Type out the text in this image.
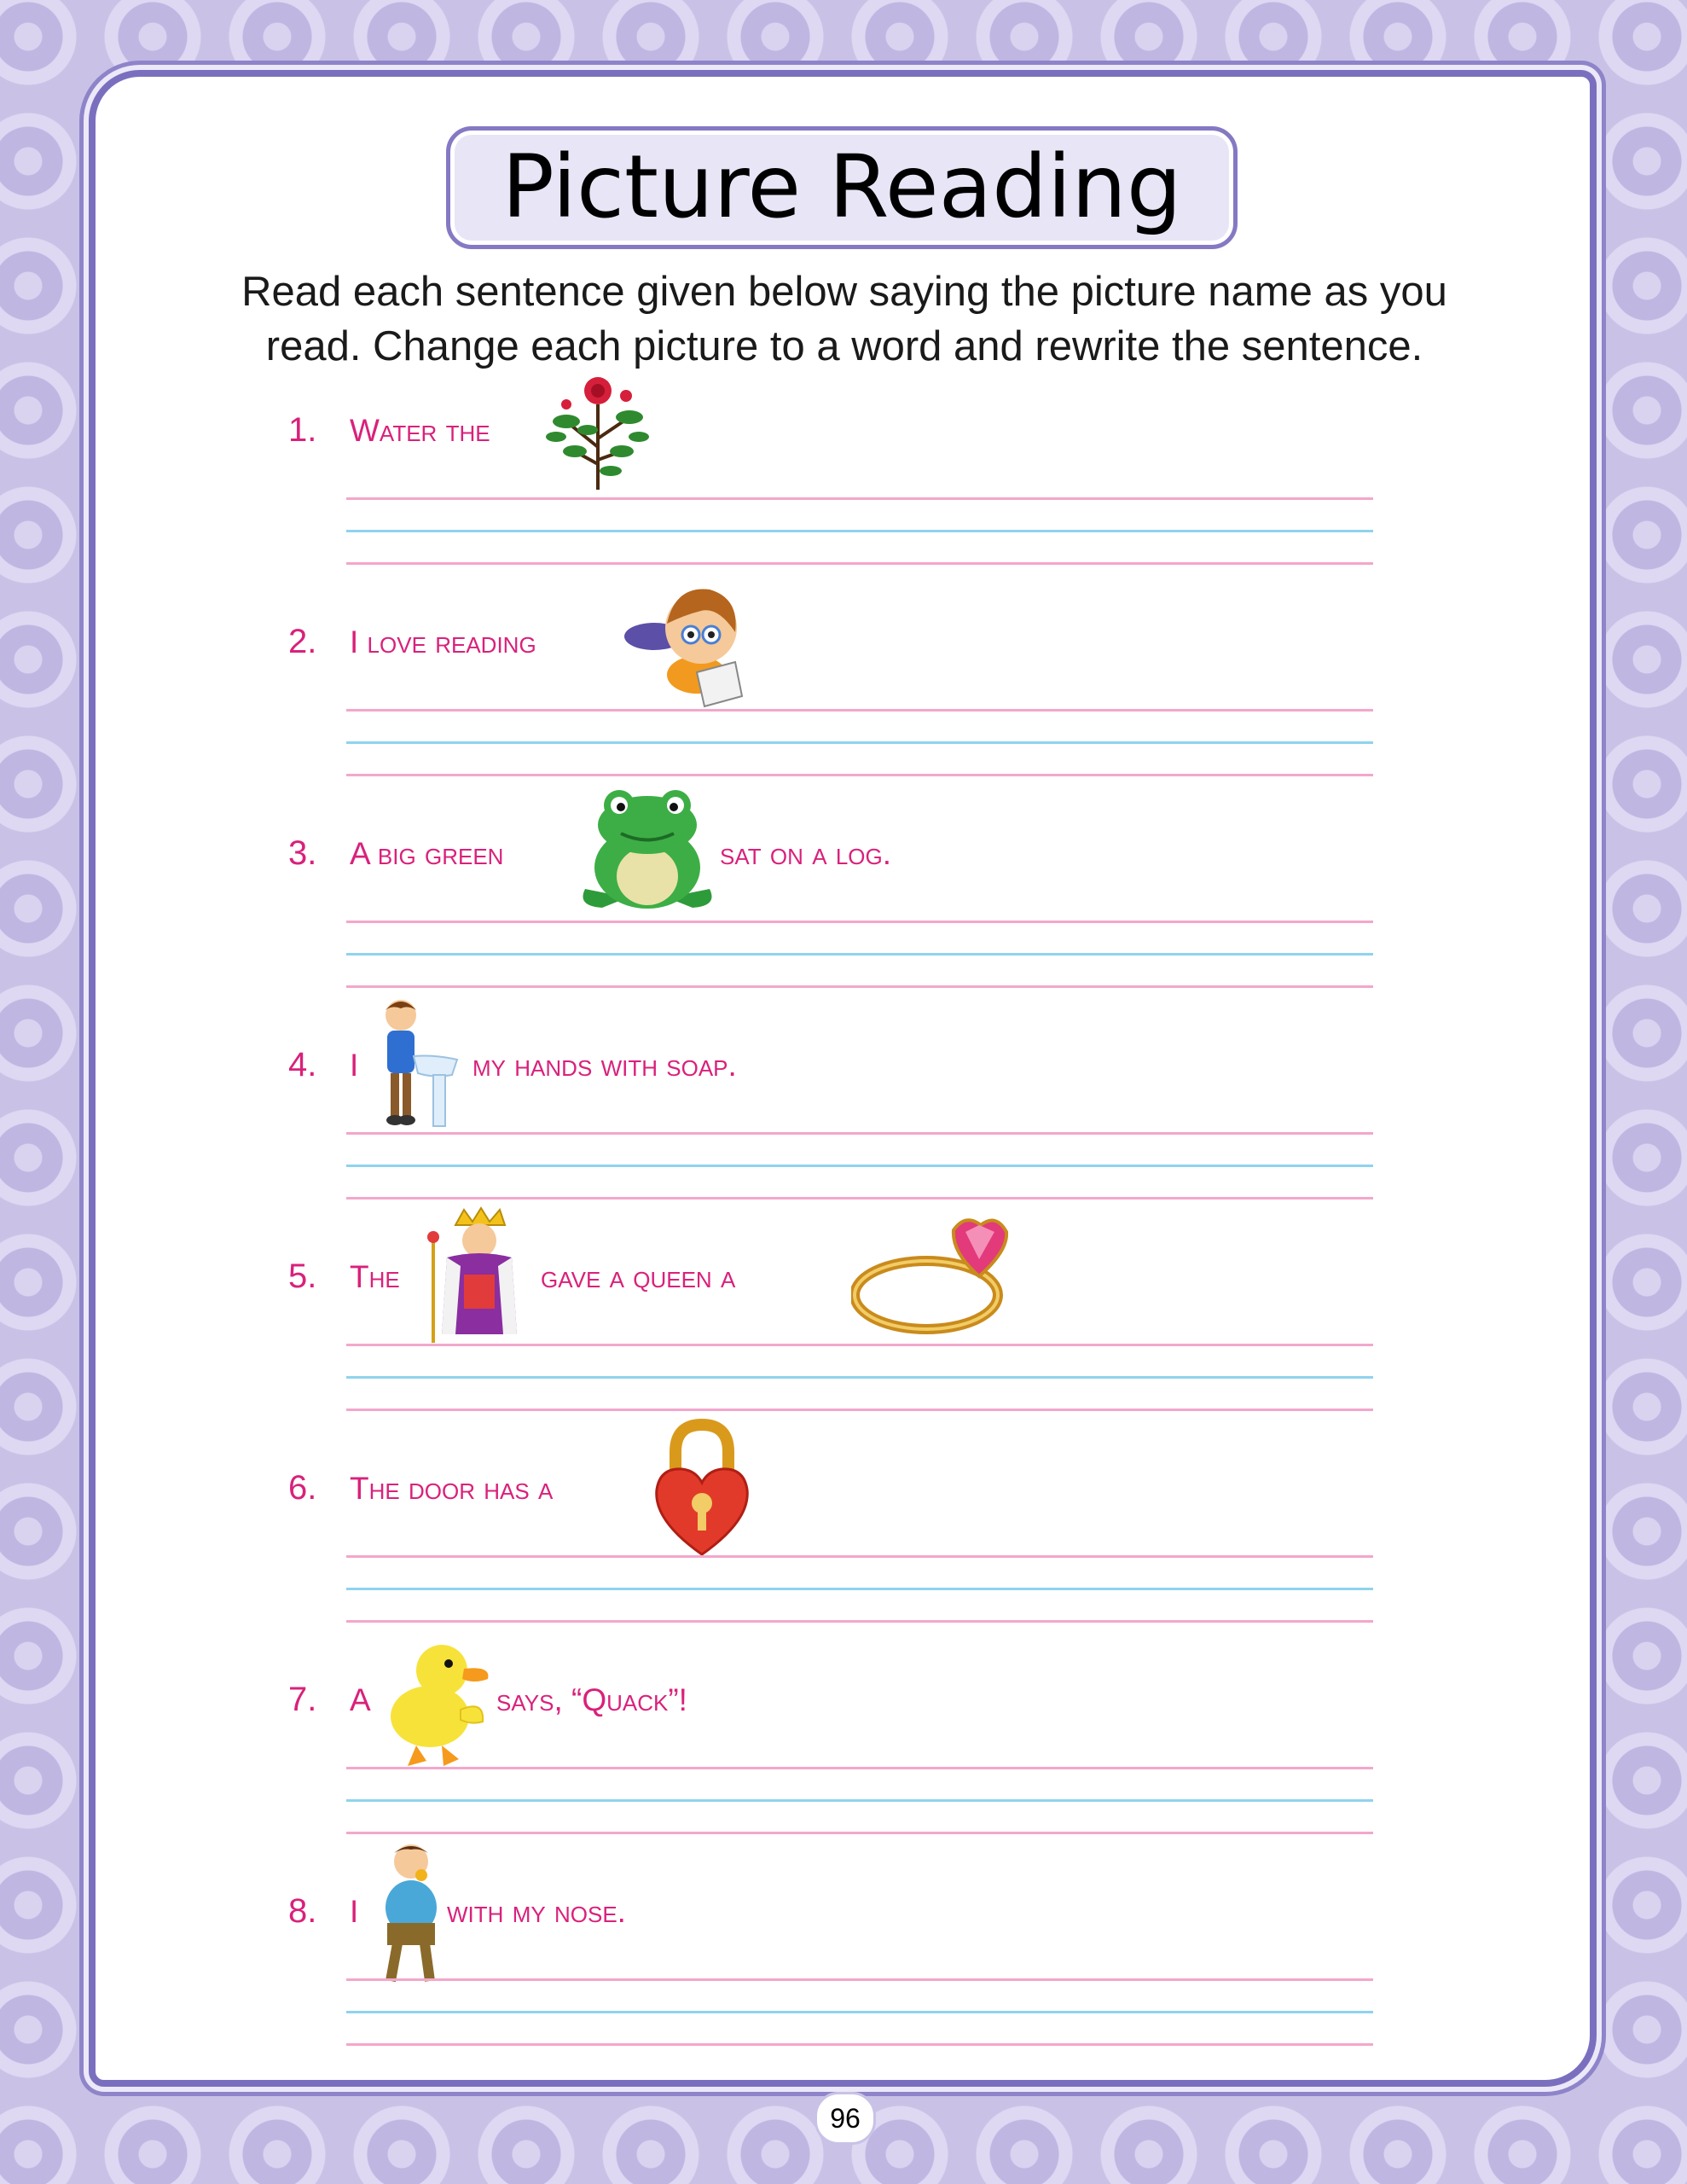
Picture Reading
Read each sentence given below saying the picture name as you
read. Change each picture to a word and rewrite the sentence.
1. Water the
2. I love reading
3. A big green	sat on a log.
4. I	my hands with soap.
5. The	gave a queen a
6. The door has a
7. A	says, “Quack”!
8. I	with my nose.
96
